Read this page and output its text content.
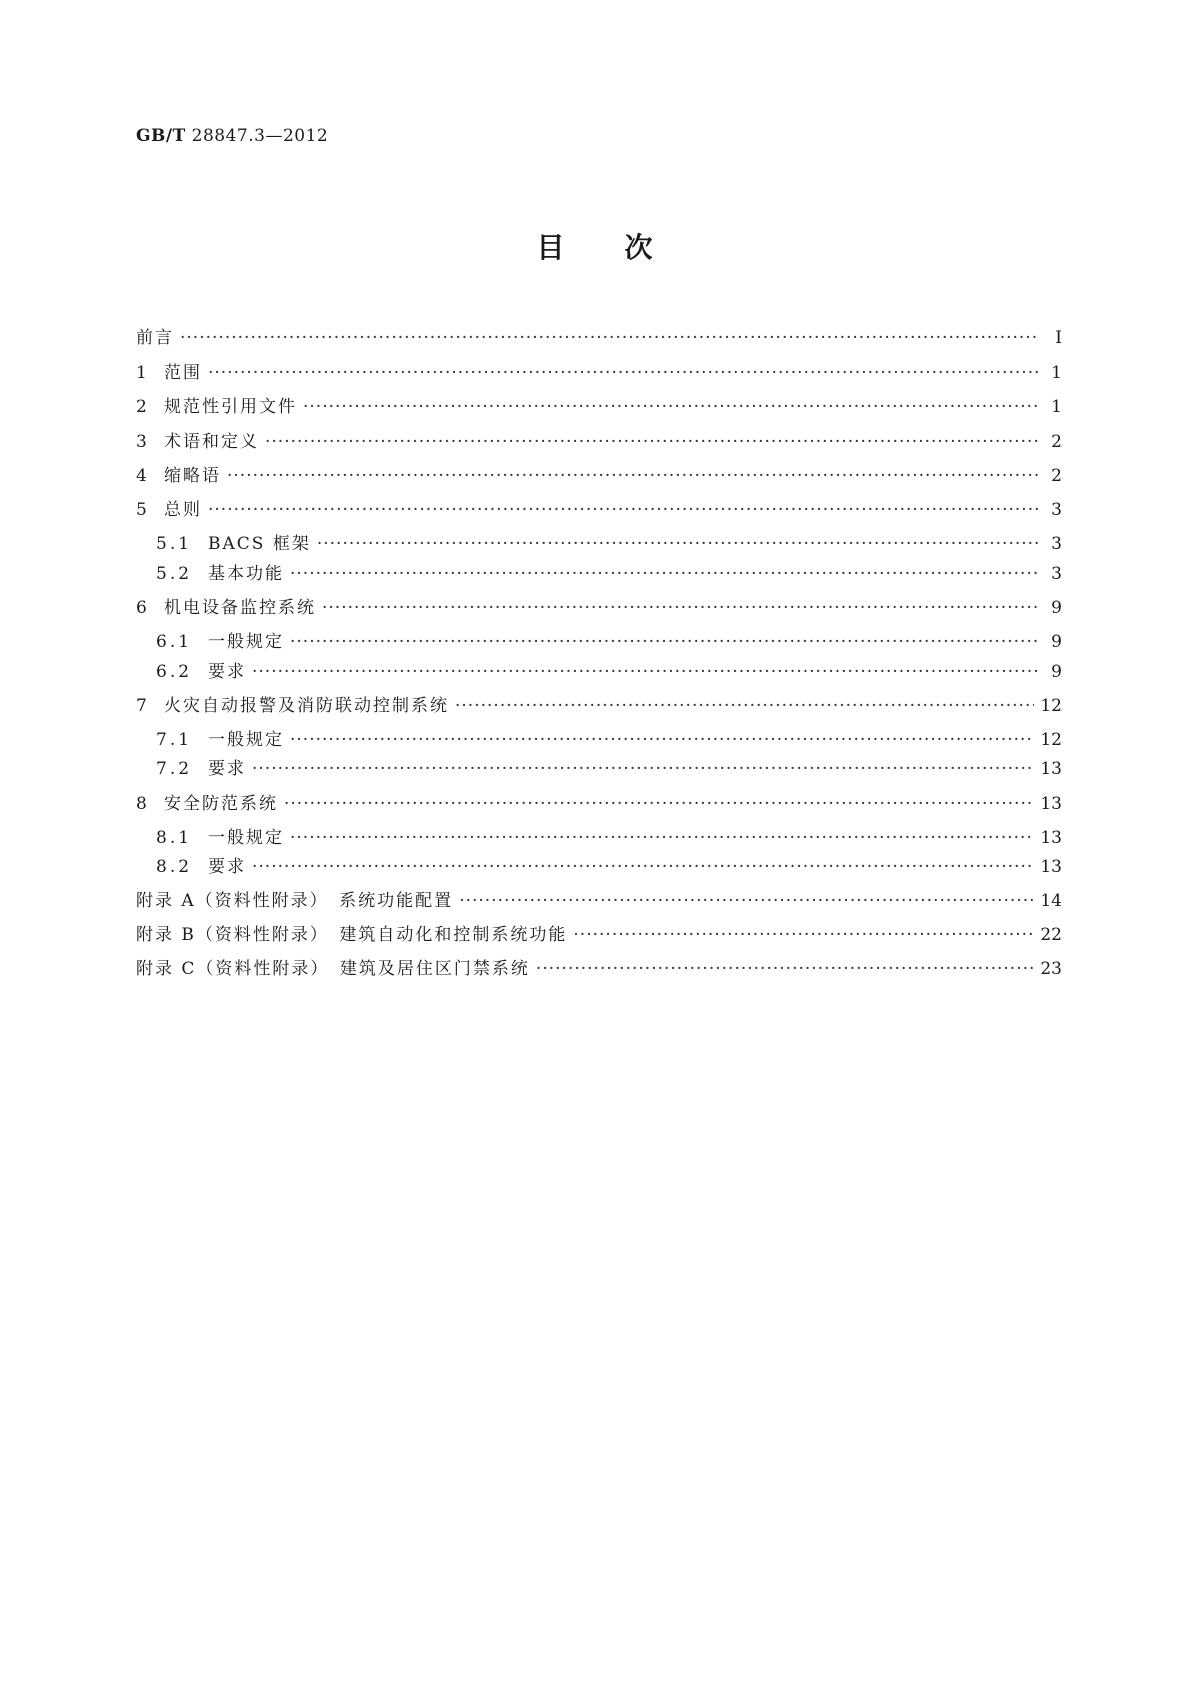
GB/T 28847.3—2012
目 次
前言 ·····	Ⅰ
1 范围 ·····	1
2 规范性引用文件 ·····	1
3 术语和定义 ·····	2
4 缩略语 ·····	2
5 总则 ·····	3
5.1 BACS 框架 ·····	3
5.2 基本功能 ·····	3
6 机电设备监控系统 ·····	9
6.1 一般规定 ·····	9
6.2 要求 ·····	9
7 火灾自动报警及消防联动控制系统 ·····	12
7.1 一般规定 ·····	12
7.2 要求 ·····	13
8 安全防范系统 ·····	13
8.1 一般规定 ·····	13
8.2 要求 ·····	13
附录 A（资料性附录）　系统功能配置 ·····	14
附录 B（资料性附录）　建筑自动化和控制系统功能 ·····	22
附录 C（资料性附录）　建筑及居住区门禁系统 ·····	23
